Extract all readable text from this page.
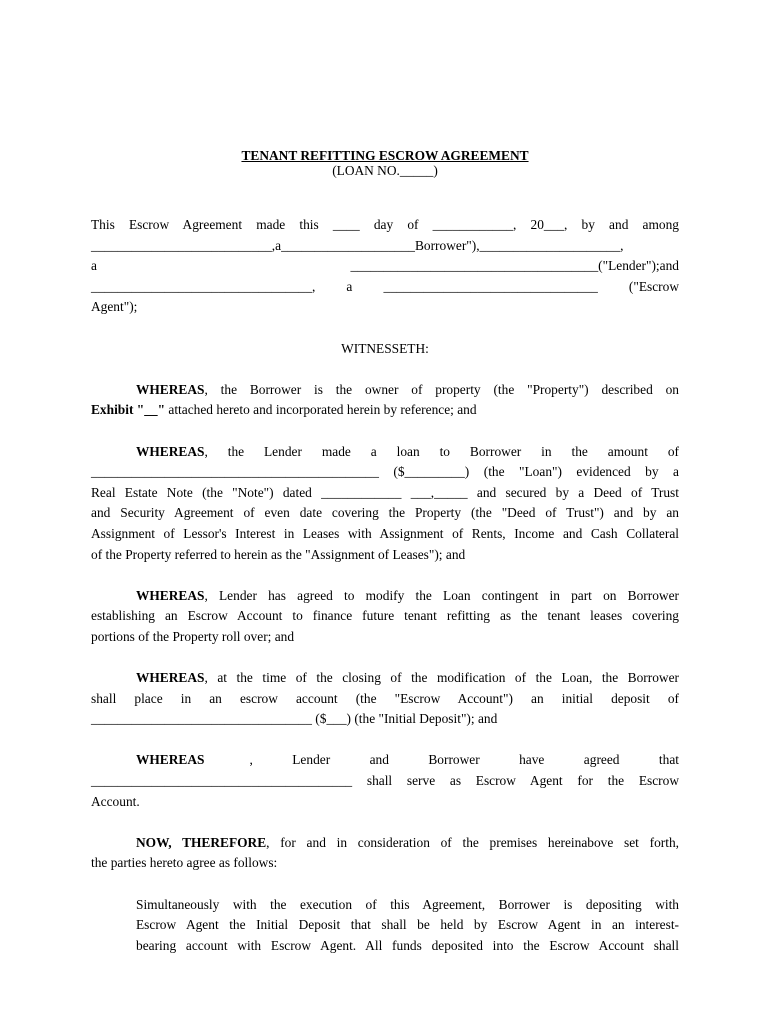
TENANT REFITTING ESCROW AGREEMENT
(LOAN NO._____)
This Escrow Agreement made this ____ day of ____________, 20___, by and among
___________________________,a____________________Borrower"),_____________________,
a	_____________________________________("Lender");and
_________________________________, a ________________________________ ("Escrow
Agent");
WITNESSETH:
WHEREAS, the Borrower is the owner of property (the "Property") described on
Exhibit "__" attached hereto and incorporated herein by reference; and
WHEREAS, the Lender made a loan to Borrower in the amount of
___________________________________________ ($_________) (the "Loan") evidenced by a
Real Estate Note (the "Note") dated ____________ ___,_____ and secured by a Deed of Trust
and Security Agreement of even date covering the Property (the "Deed of Trust") and by an
Assignment of Lessor's Interest in Leases with Assignment of Rents, Income and Cash Collateral
of the Property referred to herein as the "Assignment of Leases"); and
WHEREAS, Lender has agreed to modify the Loan contingent in part on Borrower
establishing an Escrow Account to finance future tenant refitting as the tenant leases covering
portions of the Property roll over; and
WHEREAS, at the time of the closing of the modification of the Loan, the Borrower
shall place in an escrow account (the "Escrow Account") an initial deposit of
_________________________________ ($___) (the "Initial Deposit"); and
WHEREAS	, Lender and Borrower have agreed that
_______________________________________ shall serve as Escrow Agent for the Escrow
Account.
NOW, THEREFORE, for and in consideration of the premises hereinabove set forth,
the parties hereto agree as follows:
Simultaneously with the execution of this Agreement, Borrower is depositing with
Escrow Agent the Initial Deposit that shall be held by Escrow Agent in an interest-
bearing account with Escrow Agent. All funds deposited into the Escrow Account shall
